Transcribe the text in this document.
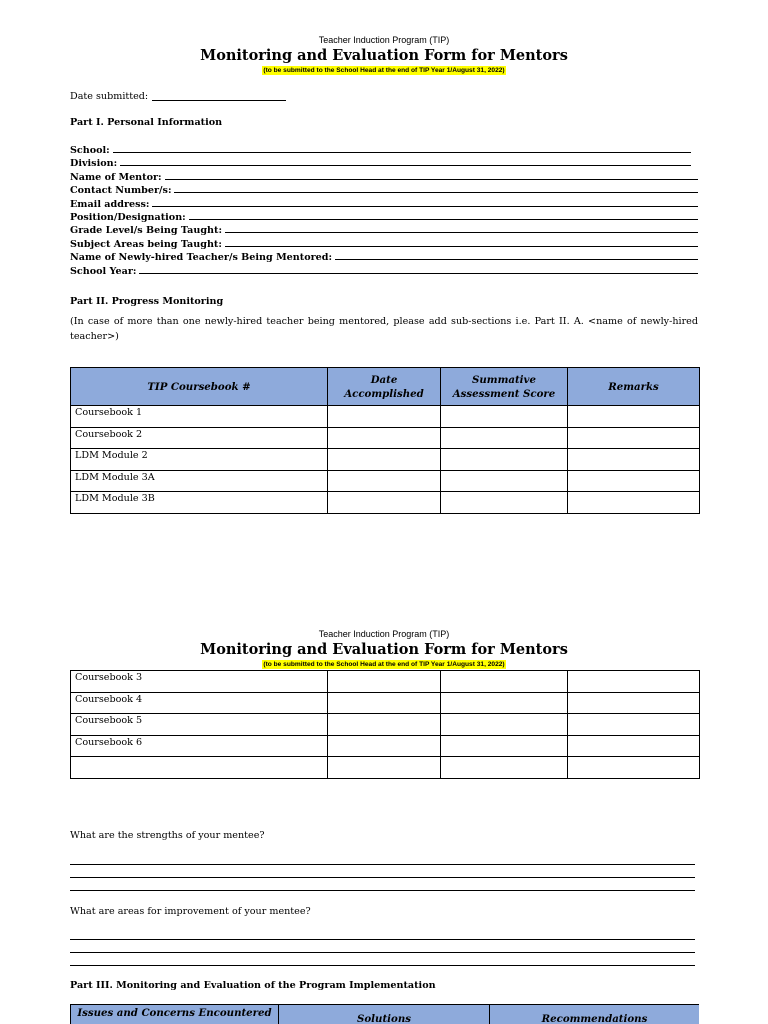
Teacher Induction Program (TIP)
Monitoring and Evaluation Form for Mentors
(to be submitted to the School Head at the end of TIP Year 1/August 31, 2022)
Date submitted:
Part I. Personal Information
School:
Division:
Name of Mentor:
Contact Number/s:
Email address:
Position/Designation:
Grade Level/s Being Taught:
Subject Areas being Taught:
Name of Newly-hired Teacher/s Being Mentored:
School Year:
Part II. Progress Monitoring
(In case of more than one newly-hired teacher being mentored, please add sub-sections i.e. Part II. A. <name of newly-hired teacher>)
TIP Coursebook #	Date Accomplished	Summative Assessment Score	Remarks
Coursebook 1			
Coursebook 2			
LDM Module 2			
LDM Module 3A			
LDM Module 3B			
Teacher Induction Program (TIP)
Monitoring and Evaluation Form for Mentors
(to be submitted to the School Head at the end of TIP Year 1/August 31, 2022)
Coursebook 3			
Coursebook 4			
Coursebook 5			
Coursebook 6			

What are the strengths of your mentee?
What are areas for improvement of your mentee?
Part III. Monitoring and Evaluation of the Program Implementation
Issues and Concerns Encountered	Solutions	Recommendations
